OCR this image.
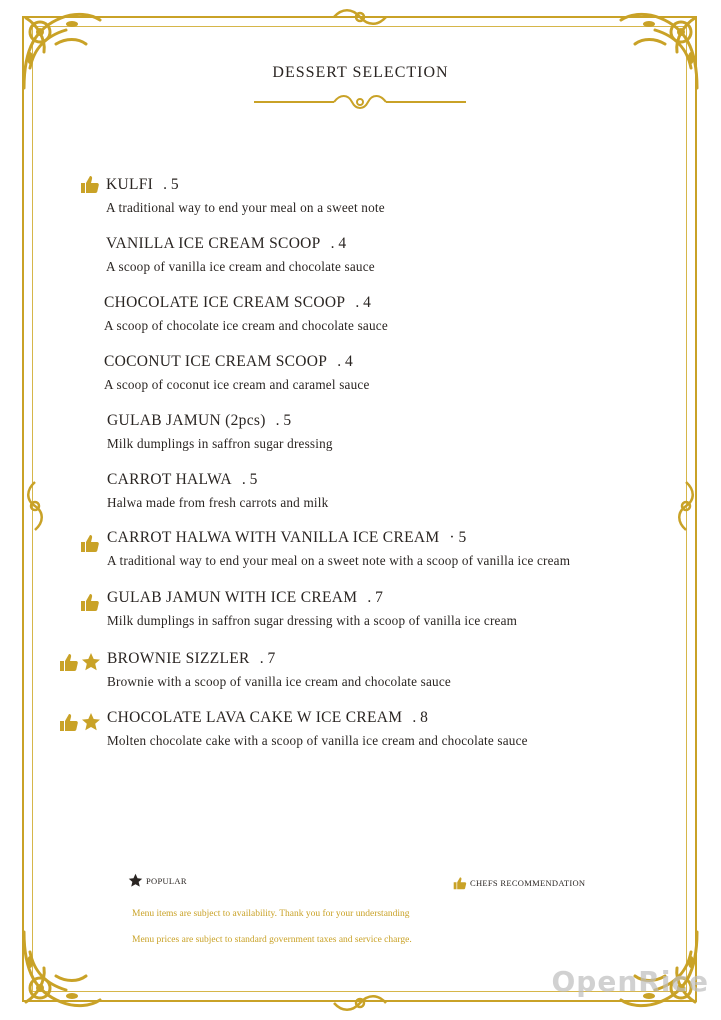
DESSERT SELECTION
KULFI . 5
A traditional way to end your meal on a sweet note
VANILLA ICE CREAM SCOOP . 4
A scoop of vanilla ice cream and chocolate sauce
CHOCOLATE ICE CREAM SCOOP . 4
A scoop of chocolate ice cream and chocolate sauce
COCONUT ICE CREAM SCOOP . 4
A scoop of coconut ice cream and caramel sauce
GULAB JAMUN (2pcs) . 5
Milk dumplings in saffron sugar dressing
CARROT HALWA . 5
Halwa made from fresh carrots and milk
CARROT HALWA WITH VANILLA ICE CREAM · 5
A traditional way to end your meal on a sweet note with a scoop of vanilla ice cream
GULAB JAMUN WITH ICE CREAM . 7
Milk dumplings in saffron sugar dressing with a scoop of vanilla ice cream
BROWNIE SIZZLER . 7
Brownie with a scoop of vanilla ice cream and chocolate sauce
CHOCOLATE LAVA CAKE W ICE CREAM . 8
Molten chocolate cake with a scoop of vanilla ice cream and chocolate sauce
POPULAR	CHEFS RECOMMENDATION
Menu items are subject to availability. Thank you for your understanding
Menu prices are subject to standard government taxes and service charge.
OpenRice
